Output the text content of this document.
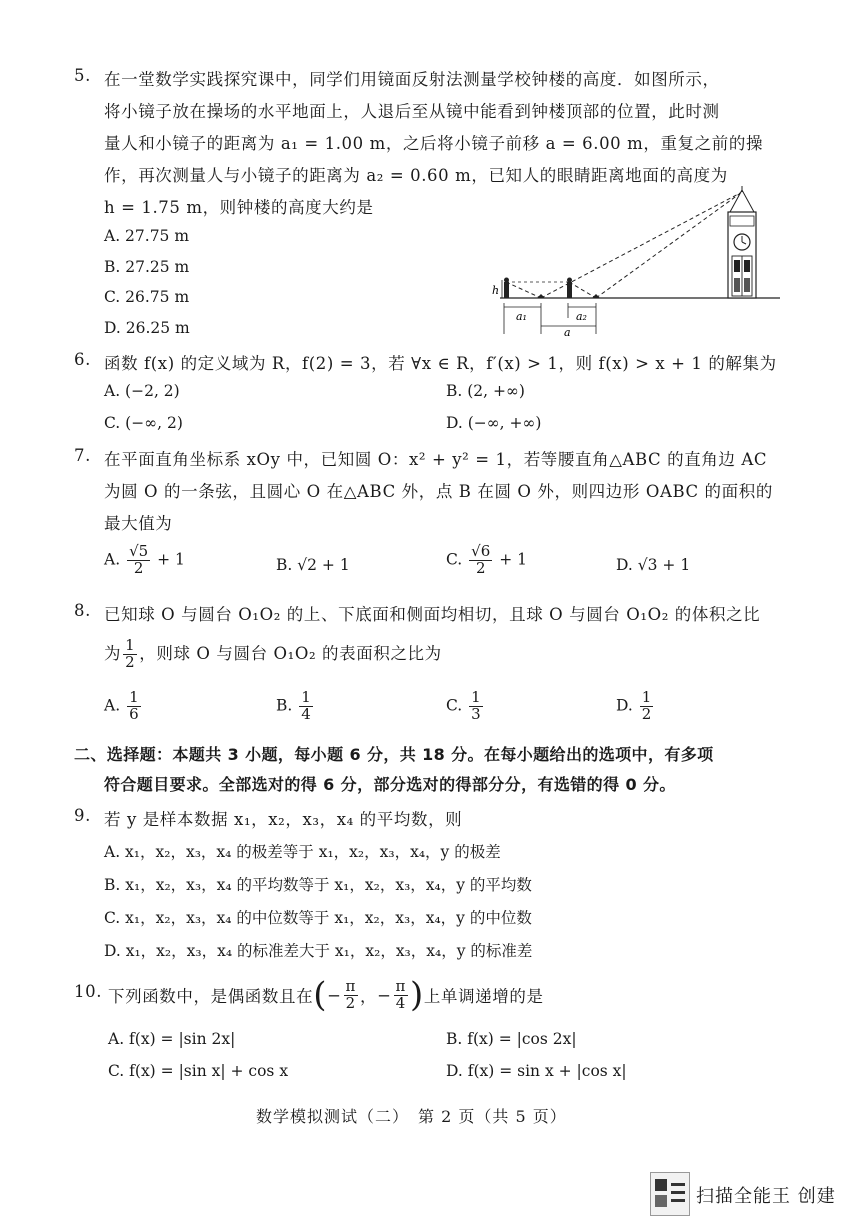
5. 在一堂数学实践探究课中，同学们用镜面反射法测量学校钟楼的高度．如图所示，
将小镜子放在操场的水平地面上，人退后至从镜中能看到钟楼顶部的位置，此时测
量人和小镜子的距离为 a₁ = 1.00 m，之后将小镜子前移 a = 6.00 m，重复之前的操
作，再次测量人与小镜子的距离为 a₂ = 0.60 m，已知人的眼睛距离地面的高度为
h = 1.75 m，则钟楼的高度大约是
A. 27.75 m
B. 27.25 m
C. 26.75 m
D. 26.25 m
h
a₁	a₂
a
6. 函数 f(x) 的定义域为 R，f(2) = 3，若 ∀x ∈ R，f′(x) > 1，则 f(x) > x + 1 的解集为
A. (−2, 2)	B. (2, +∞)
C. (−∞, 2)	D. (−∞, +∞)
7. 在平面直角坐标系 xOy 中，已知圆 O：x² + y² = 1，若等腰直角△ABC 的直角边 AC
为圆 O 的一条弦，且圆心 O 在△ABC 外，点 B 在圆 O 外，则四边形 OABC 的面积的
最大值为
A. $\frac{√5}{2} + 1$	B. √2 + 1	C. $\frac{√6}{2} + 1$	D. √3 + 1
8. 已知球 O 与圆台 O₁O₂ 的上、下底面和侧面均相切，且球 O 与圆台 O₁O₂ 的体积之比
为 $\frac{1}{2}$ ，则球 O 与圆台 O₁O₂ 的表面积之比为
A. $\frac{1}{6}$	B. $\frac{1}{4}$	C. $\frac{1}{3}$	D. $\frac{1}{2}$
二、选择题：本题共 3 小题，每小题 6 分，共 18 分。在每小题给出的选项中，有多项
符合题目要求。全部选对的得 6 分，部分选对的得部分分，有选错的得 0 分。
9. 若 y 是样本数据 x₁，x₂，x₃，x₄ 的平均数，则
A. x₁，x₂，x₃，x₄ 的极差等于 x₁，x₂，x₃，x₄，y 的极差
B. x₁，x₂，x₃，x₄ 的平均数等于 x₁，x₂，x₃，x₄，y 的平均数
C. x₁，x₂，x₃，x₄ 的中位数等于 x₁，x₂，x₃，x₄，y 的中位数
D. x₁，x₂，x₃，x₄ 的标准差大于 x₁，x₂，x₃，x₄，y 的标准差
10. 下列函数中，是偶函数且在 ( − $\frac{\pi}{2}$ ， − $\frac{\pi}{4}$ ) 上单调递增的是
A. f(x) = |sin 2x|	B. f(x) = |cos 2x|
C. f(x) = |sin x| + cos x	D. f(x) = sin x + |cos x|
数学模拟测试（二）　第 2 页（共 5 页）
扫描全能王 创建
